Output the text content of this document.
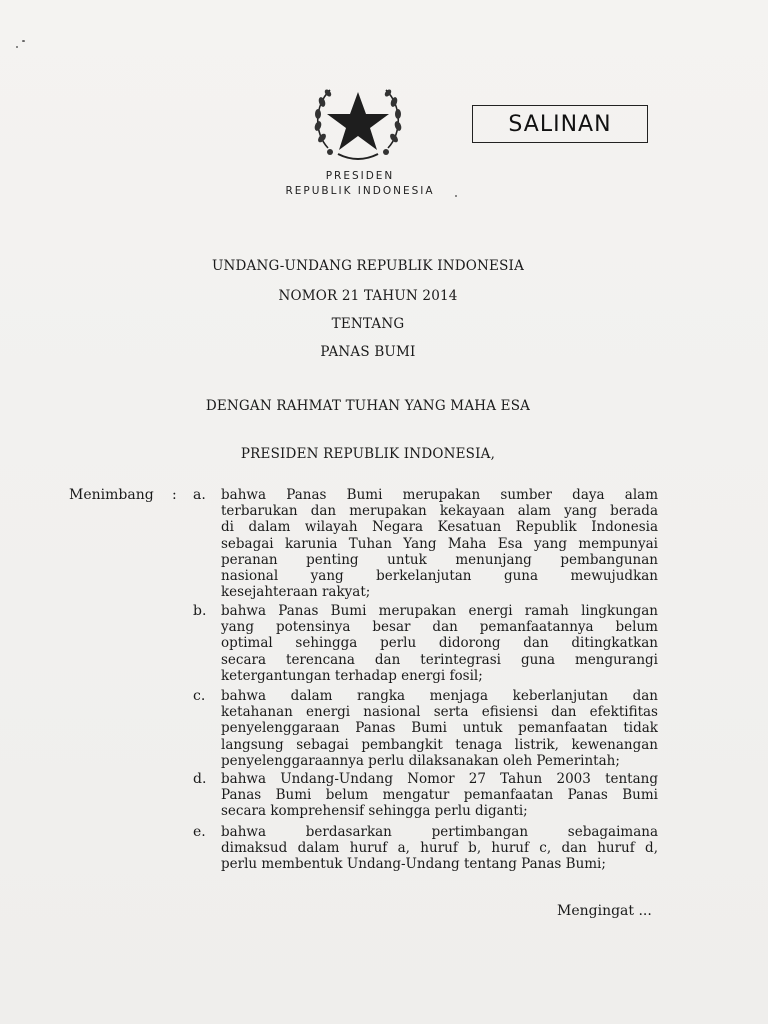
SALINAN
PRESIDEN
REPUBLIK INDONESIA
UNDANG-UNDANG REPUBLIK INDONESIA
NOMOR 21 TAHUN 2014
TENTANG
PANAS BUMI
DENGAN RAHMAT TUHAN YANG MAHA ESA
PRESIDEN REPUBLIK INDONESIA,
Menimbang : a.	bahwa Panas Bumi merupakan sumber daya alam
terbarukan dan merupakan kekayaan alam yang berada
di dalam wilayah Negara Kesatuan Republik Indonesia
sebagai karunia Tuhan Yang Maha Esa yang mempunyai
peranan penting untuk menunjang pembangunan
nasional yang berkelanjutan guna mewujudkan
kesejahteraan rakyat;
b.	bahwa Panas Bumi merupakan energi ramah lingkungan
yang potensinya besar dan pemanfaatannya belum
optimal sehingga perlu didorong dan ditingkatkan
secara terencana dan terintegrasi guna mengurangi
ketergantungan terhadap energi fosil;
c.	bahwa dalam rangka menjaga keberlanjutan dan
ketahanan energi nasional serta efisiensi dan efektifitas
penyelenggaraan Panas Bumi untuk pemanfaatan tidak
langsung sebagai pembangkit tenaga listrik, kewenangan
penyelenggaraannya perlu dilaksanakan oleh Pemerintah;
d.	bahwa Undang-Undang Nomor 27 Tahun 2003 tentang
Panas Bumi belum mengatur pemanfaatan Panas Bumi
secara komprehensif sehingga perlu diganti;
e.	bahwa berdasarkan pertimbangan sebagaimana
dimaksud dalam huruf a, huruf b, huruf c, dan huruf d,
perlu membentuk Undang-Undang tentang Panas Bumi;
Mengingat ...
